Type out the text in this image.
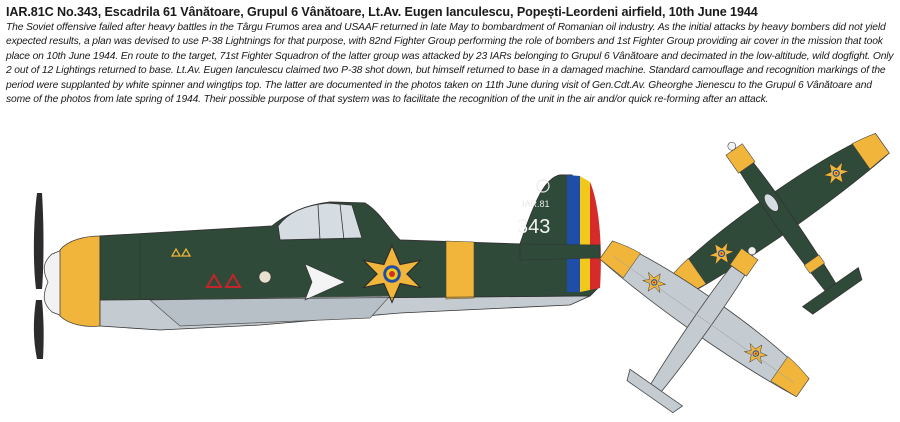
IAR.81C No.343, Escadrila 61 Vânătoare, Grupul 6 Vânătoare, Lt.Av. Eugen Ianculescu, Popești-Leordeni airfield, 10th June 1944
The Soviet offensive failed after heavy battles in the Târgu Frumos area and USAAF returned in late May to bombardment of Romanian oil industry. As the initial attacks by heavy bombers did not yield expected results, a plan was devised to use P-38 Lightnings for that purpose, with 82nd Fighter Group performing the role of bombers and 1st Fighter Group providing air cover in the mission that took place on 10th June 1944. En route to the target, 71st Fighter Squadron of the latter group was attacked by 23 IARs belonging to Grupul 6 Vânătoare and decimated in the low-altitude, wild dogfight. Only 2 out of 12 Lightings returned to base. Lt.Av. Eugen Ianculescu claimed two P-38 shot down, but himself returned to base in a damaged machine. Standard camouflage and recognition markings of the period were supplanted by white spinner and wingtips top. The latter are documented in the photos taken on 11th June during visit of Gen.Cdt.Av. Gheorghe Jienescu to the Grupul 6 Vânătoare and some of the photos from late spring of 1944. Their possible purpose of that system was to facilitate the recognition of the unit in the air and/or quick re-forming after an attack.
IAR.81
343
